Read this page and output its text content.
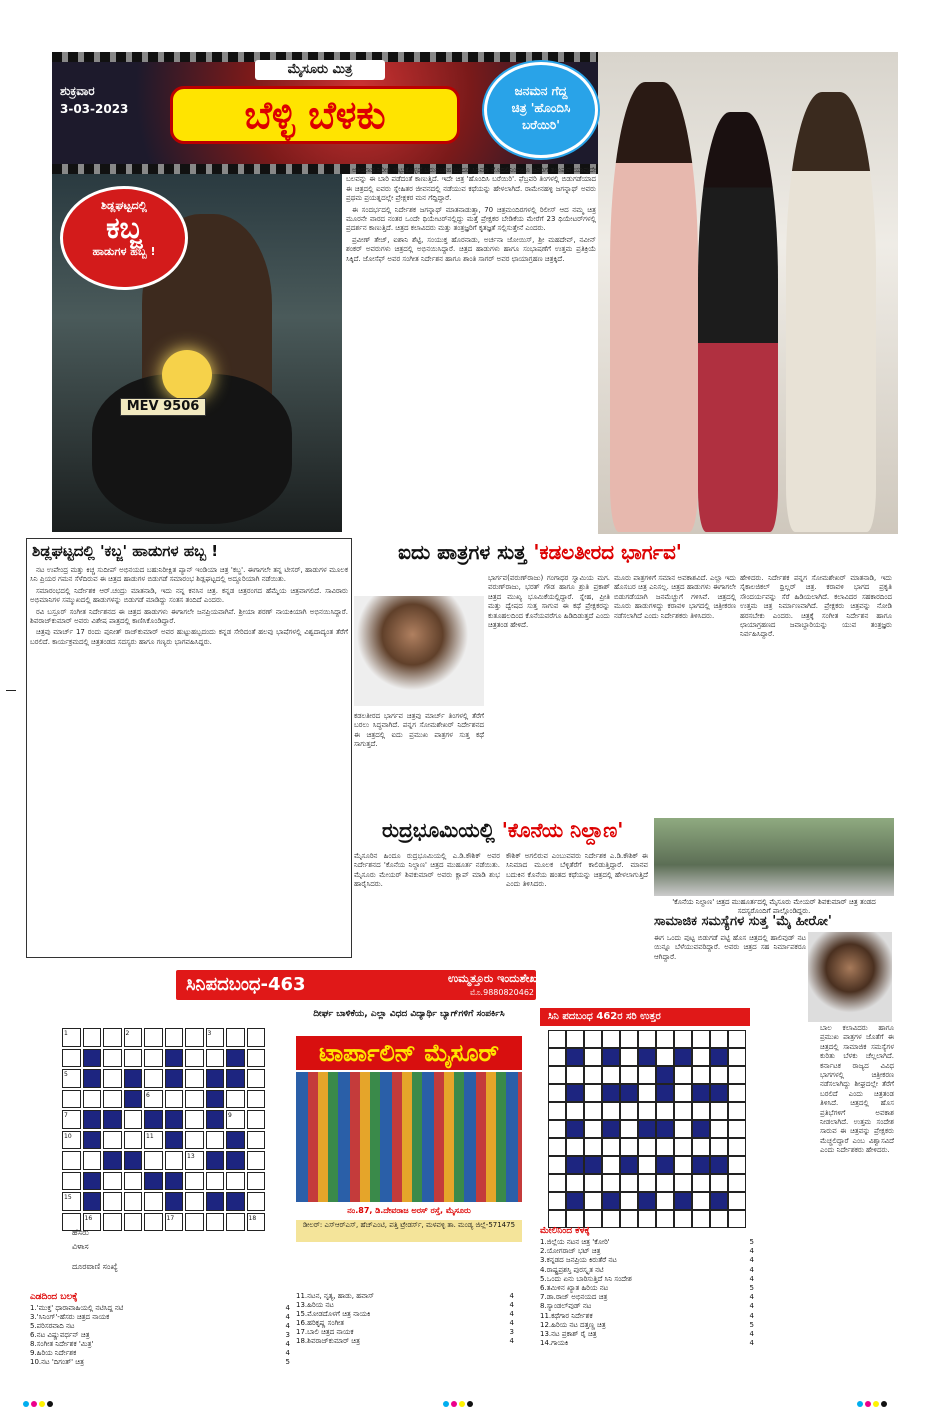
ಮೈಸೂರು ಮಿತ್ರ
ಬೆಳ್ಳಿ ಬೆಳಕು
ಶುಕ್ರವಾರ
3-03-2023
ಜನಮನ ಗೆದ್ದ
ಚಿತ್ರ 'ಹೊಂದಿಸಿ
ಬರೆಯಿರಿ'
ಶಿಡ್ಲಘಟ್ಟದಲ್ಲಿ
ಕಬ್ಜ
ಹಾಡುಗಳ ಹಬ್ಬ !
MEV 9506

ಅತಿಯಾದ ನಿರೀಕ್ಷೆ ಇಟ್ಟುಕೊಳ್ಳದೆ ಬರುವಂತಹ ಬಂದರೆ ಸಿನಿಮಾ ಮೊದಲಿನಿಂದಲೂ ಜನರಿಗೆ ತಲುಪುವ ಯಾವುದೇ ಬಲವನ್ನು ಈ ಬಾರಿ ಪಡೆದಂತೆ ಕಾಣುತ್ತಿದೆ. ಇದೇ ಚಿತ್ರ 'ಹೊಂದಿಸಿ ಬರೆಯಿರಿ'. ಫೆಬ್ರವರಿ ತಿಂಗಳಲ್ಲಿ ಬಿಡುಗಡೆಯಾದ ಈ ಚಿತ್ರದಲ್ಲಿ ಐವರು ಸ್ನೇಹಿತರ ಜೀವನದಲ್ಲಿ ನಡೆಯುವ ಕಥೆಯನ್ನು ಹೇಳಲಾಗಿದೆ. ರಾಮೇನಹಳ್ಳಿ ಜಗನ್ನಾಥ್ ಅವರು ಪ್ರಥಮ ಪ್ರಯತ್ನದಲ್ಲೇ ಪ್ರೇಕ್ಷಕರ ಮನ ಗೆದ್ದಿದ್ದಾರೆ.

ಈ ಸಂದರ್ಭದಲ್ಲಿ ನಿರ್ದೇಶಕ ಜಗನ್ನಾಥ್ ಮಾತನಾಡುತ್ತಾ, 70 ಚಿತ್ರಮಂದಿರಗಳಲ್ಲಿ ರಿಲೀಸ್ ಆದ ನಮ್ಮ ಚಿತ್ರ ಮೂರನೇ ವಾರದ ನಂತರ ಒಂದೇ ಥಿಯೇಟರ್‌ನಲ್ಲಿದ್ದು ಮತ್ತೆ ಪ್ರೇಕ್ಷಕರ ಬೇಡಿಕೆಯ ಮೇರೆಗೆ 23 ಥಿಯೇಟರ್‌ಗಳಲ್ಲಿ ಪ್ರದರ್ಶನ ಕಾಣುತ್ತಿದೆ. ಚಿತ್ರದ ಕಲಾವಿದರು ಮತ್ತು ತಂತ್ರಜ್ಞರಿಗೆ ಕೃತಜ್ಞತೆ ಸಲ್ಲಿಸುತ್ತೇನೆ ಎಂದರು.

ಪ್ರವೀಣ್ ತೇಜ್, ಐಶಾನಿ ಶೆಟ್ಟಿ, ಸಂಯುಕ್ತ ಹೊರನಾಡು, ಅರ್ಚನಾ ಜೋಯಿಸ್, ಶ್ರೀ ಮಹದೇವ್, ನವೀನ್ ಶಂಕರ್ ಅವರುಗಳು ಚಿತ್ರದಲ್ಲಿ ಅಭಿನಯಿಸಿದ್ದಾರೆ. ಚಿತ್ರದ ಹಾಡುಗಳು ಹಾಗೂ ಸಂಭಾಷಣೆಗೆ ಉತ್ತಮ ಪ್ರತಿಕ್ರಿಯೆ ಸಿಕ್ಕಿದೆ. ಜೋಸೆಫ್ ಅವರ ಸಂಗೀತ ನಿರ್ದೇಶನ ಹಾಗೂ ಶಾಂತಿ ಸಾಗರ್ ಅವರ ಛಾಯಾಗ್ರಹಣ ಚಿತ್ರಕ್ಕಿದೆ.

ಶಿಡ್ಲಘಟ್ಟದಲ್ಲಿ 'ಕಬ್ಜ' ಹಾಡುಗಳ ಹಬ್ಬ !

ನಟ ಉಪೇಂದ್ರ ಮತ್ತು ಕಿಚ್ಚ ಸುದೀಪ್ ಅಭಿನಯದ ಬಹುನಿರೀಕ್ಷಿತ ಪ್ಯಾನ್ ಇಂಡಿಯಾ ಚಿತ್ರ 'ಕಬ್ಜ'. ಈಗಾಗಲೇ ತನ್ನ ಟೀಸರ್, ಹಾಡುಗಳ ಮೂಲಕ ಸಿನಿ ಪ್ರಿಯರ ಗಮನ ಸೆಳೆದಿರುವ ಈ ಚಿತ್ರದ ಹಾಡುಗಳ ಬಿಡುಗಡೆ ಸಮಾರಂಭ ಶಿಡ್ಲಘಟ್ಟದಲ್ಲಿ ಅದ್ದೂರಿಯಾಗಿ ನಡೆಯಿತು.

ಸಮಾರಂಭದಲ್ಲಿ ನಿರ್ದೇಶಕ ಆರ್.ಚಂದ್ರು ಮಾತನಾಡಿ, ಇದು ನನ್ನ ಕನಸಿನ ಚಿತ್ರ. ಕನ್ನಡ ಚಿತ್ರರಂಗದ ಹೆಮ್ಮೆಯ ಚಿತ್ರವಾಗಲಿದೆ. ಸಾವಿರಾರು ಅಭಿಮಾನಿಗಳ ಸಮ್ಮುಖದಲ್ಲಿ ಹಾಡುಗಳನ್ನು ಬಿಡುಗಡೆ ಮಾಡಿದ್ದು ಸಂತಸ ತಂದಿದೆ ಎಂದರು.

ರವಿ ಬಸ್ರೂರ್ ಸಂಗೀತ ನಿರ್ದೇಶನದ ಈ ಚಿತ್ರದ ಹಾಡುಗಳು ಈಗಾಗಲೇ ಜನಪ್ರಿಯವಾಗಿವೆ. ಶ್ರೀಯಾ ಶರಣ್ ನಾಯಕಿಯಾಗಿ ಅಭಿನಯಿಸಿದ್ದಾರೆ. ಶಿವರಾಜ್‌ಕುಮಾರ್ ಅವರು ವಿಶೇಷ ಪಾತ್ರದಲ್ಲಿ ಕಾಣಿಸಿಕೊಂಡಿದ್ದಾರೆ.

ಚಿತ್ರವು ಮಾರ್ಚ್ 17 ರಂದು ಪುನೀತ್ ರಾಜ್‌ಕುಮಾರ್ ಅವರ ಹುಟ್ಟುಹಬ್ಬದಂದು ಕನ್ನಡ ಸೇರಿದಂತೆ ಹಲವು ಭಾಷೆಗಳಲ್ಲಿ ವಿಶ್ವದಾದ್ಯಂತ ತೆರೆಗೆ ಬರಲಿದೆ. ಕಾರ್ಯಕ್ರಮದಲ್ಲಿ ಚಿತ್ರತಂಡದ ಸದಸ್ಯರು ಹಾಗೂ ಗಣ್ಯರು ಭಾಗವಹಿಸಿದ್ದರು.

ಐದು ಪಾತ್ರಗಳ ಸುತ್ತ 'ಕಡಲತೀರದ ಭಾರ್ಗವ'
ಕಡಲತೀರದ ಭಾರ್ಗವ ಚಿತ್ರವು ಮಾರ್ಚ್ ತಿಂಗಳಲ್ಲಿ ತೆರೆಗೆ ಬರಲು ಸಿದ್ಧವಾಗಿದೆ. ಪನ್ನಗ ಸೋಮಶೇಖರ್ ನಿರ್ದೇಶನದ ಈ ಚಿತ್ರದಲ್ಲಿ ಐದು ಪ್ರಮುಖ ಪಾತ್ರಗಳ ಸುತ್ತ ಕಥೆ ಸಾಗುತ್ತದೆ.
ಭಾರ್ಗವ(ವರುಣ್‌ರಾಜು) ಗಂಗಾಧರ ಸ್ವಾಮಿಯ ಮಗ. ವರುಣ್‌ರಾಜು, ಭರತ್ ಗೌಡ ಹಾಗೂ ಶ್ರುತಿ ಪ್ರಕಾಶ್ ಚಿತ್ರದ ಮುಖ್ಯ ಭೂಮಿಕೆಯಲ್ಲಿದ್ದಾರೆ. ಸ್ನೇಹ, ಪ್ರೀತಿ ಮತ್ತು ದ್ವೇಷದ ಸುತ್ತ ಸಾಗುವ ಈ ಕಥೆ ಪ್ರೇಕ್ಷಕರನ್ನು ಕುತೂಹಲದಿಂದ ಕೊನೆಯವರೆಗೂ ಹಿಡಿದಿಡುತ್ತದೆ ಎಂದು ಚಿತ್ರತಂಡ ಹೇಳಿದೆ.
ಮೂರು ಪಾತ್ರಗಳಿಗೆ ಸಮಾನ ಅವಕಾಶವಿದೆ. ಎಲ್ಲಾ ಇದು ಹೊಸಬರ ಚಿತ್ರ ಎನಿಸಲ್ಲ. ಚಿತ್ರದ ಹಾಡುಗಳು ಈಗಾಗಲೇ ಬಿಡುಗಡೆಯಾಗಿ ಜನಮೆಚ್ಚುಗೆ ಗಳಿಸಿವೆ. ಚಿತ್ರದಲ್ಲಿ ಮೂರು ಹಾಡುಗಳಿದ್ದು ಕರಾವಳಿ ಭಾಗದಲ್ಲಿ ಚಿತ್ರೀಕರಣ ನಡೆಸಲಾಗಿದೆ ಎಂದು ನಿರ್ದೇಶಕರು ತಿಳಿಸಿದರು.
ಹೇಳಿದರು. ನಿರ್ದೇಶಕ ಪನ್ನಗ ಸೋಮಶೇಖರ್ ಮಾತನಾಡಿ, ಇದು ಸೈಕಾಲಜಿಕಲ್ ಥ್ರಿಲ್ಲರ್ ಚಿತ್ರ. ಕರಾವಳಿ ಭಾಗದ ಪ್ರಕೃತಿ ಸೌಂದರ್ಯವನ್ನು ಸೆರೆ ಹಿಡಿಯಲಾಗಿದೆ. ಕಲಾವಿದರ ಸಹಕಾರದಿಂದ ಉತ್ತಮ ಚಿತ್ರ ನಿರ್ಮಾಣವಾಗಿದೆ. ಪ್ರೇಕ್ಷಕರು ಚಿತ್ರವನ್ನು ನೋಡಿ ಹರಸಬೇಕು ಎಂದರು. ಚಿತ್ರಕ್ಕೆ ಸಂಗೀತ ನಿರ್ದೇಶನ ಹಾಗೂ ಛಾಯಾಗ್ರಹಣದ ಜವಾಬ್ದಾರಿಯನ್ನು ಯುವ ತಂತ್ರಜ್ಞರು ನಿರ್ವಹಿಸಿದ್ದಾರೆ.
ರುದ್ರಭೂಮಿಯಲ್ಲಿ 'ಕೊನೆಯ ನಿಲ್ದಾಣ'
ಮೈಸೂರಿನ ಹಿಂದೂ ರುದ್ರಭೂಮಿಯಲ್ಲಿ ಎ.ಡಿ.ಕೌಶಿಕ್ ಅವರ ನಿರ್ದೇಶನದ 'ಕೊನೆಯ ನಿಲ್ದಾಣ' ಚಿತ್ರದ ಮುಹೂರ್ತ ನಡೆಯಿತು. ಮೈಸೂರು ಮೇಯರ್ ಶಿವಕುಮಾರ್ ಅವರು ಕ್ಲಾಪ್ ಮಾಡಿ ಶುಭ ಹಾರೈಸಿದರು.
ಕೌಶಿಕ್ ಅಗಲಿರುವ ಎಂಬುವವರು ನಿರ್ದೇಶಕ ಎ.ಡಿ.ಕೌಶಿಕ್ ಈ ಸಿನಿಮಾದ ಮೂಲಕ ಬೆಳ್ಳಿತೆರೆಗೆ ಕಾಲಿಡುತ್ತಿದ್ದಾರೆ. ಮಾನವ ಬದುಕಿನ ಕೊನೆಯ ಹಂತದ ಕಥೆಯನ್ನು ಚಿತ್ರದಲ್ಲಿ ಹೇಳಲಾಗುತ್ತಿದೆ ಎಂದು ತಿಳಿಸಿದರು.
'ಕೊನೆಯ ನಿಲ್ದಾಣ' ಚಿತ್ರದ ಮುಹೂರ್ತದಲ್ಲಿ ಮೈಸೂರು ಮೇಯರ್ ಶಿವಕುಮಾರ್ ಚಿತ್ರ ತಂಡದ ಸದಸ್ಯರೊಂದಿಗೆ ಪಾಲ್ಗೊಂಡಿದ್ದರು.
ಸಾಮಾಜಿಕ ಸಮಸ್ಯೆಗಳ ಸುತ್ತ 'ಮೈ ಹೀರೋ'
ಈಗ ಒಂದು ಪುಟ್ಟ ಬಿಡುಗಡೆ ಪಟ್ಟಿ ಹೊಸ ಚಿತ್ರದಲ್ಲಿ ಹಾಲಿವುಡ್ ನಟ ಯಿನ್ನೂ ಬೆಳೆಯುವವರಿದ್ದಾರೆ. ಅವರು ಚಿತ್ರದ ಸಹ ನಿರ್ಮಾಪಕರೂ ಆಗಿದ್ದಾರೆ.
ಬಾಲ ಕಲಾವಿದರು ಹಾಗೂ ಪ್ರಮುಖ ಪಾತ್ರಗಳ ಜೊತೆಗೆ ಈ ಚಿತ್ರದಲ್ಲಿ ಸಾಮಾಜಿಕ ಸಮಸ್ಯೆಗಳ ಕುರಿತು ಬೆಳಕು ಚೆಲ್ಲಲಾಗಿದೆ. ಕರ್ನಾಟಕ ರಾಜ್ಯದ ವಿವಿಧ ಭಾಗಗಳಲ್ಲಿ ಚಿತ್ರೀಕರಣ ನಡೆಸಲಾಗಿದ್ದು ಶೀಘ್ರದಲ್ಲೇ ತೆರೆಗೆ ಬರಲಿದೆ ಎಂದು ಚಿತ್ರತಂಡ ತಿಳಿಸಿದೆ. ಚಿತ್ರದಲ್ಲಿ ಹೊಸ ಪ್ರತಿಭೆಗಳಿಗೆ ಅವಕಾಶ ನೀಡಲಾಗಿದೆ. ಉತ್ತಮ ಸಂದೇಶ ಸಾರುವ ಈ ಚಿತ್ರವನ್ನು ಪ್ರೇಕ್ಷಕರು ಮೆಚ್ಚಲಿದ್ದಾರೆ ಎಂಬ ವಿಶ್ವಾಸವಿದೆ ಎಂದು ನಿರ್ದೇಶಕರು ಹೇಳಿದರು.
ಸಿನಿಪದಬಂಧ-463	ಉಮ್ಮತ್ತೂರು ಇಂದುಶೇಖರ್
ಮೊ.9880820462
1	2	3
5
6
7	9
10	11
13
15
16	17	18
ಹೆಸರು
ವಿಳಾಸ
ದೂರವಾಣಿ ಸಂಖ್ಯೆ
ದೀರ್ಘ ಬಾಳಿಕೆಯ, ಎಲ್ಲಾ ವಿಧದ ವಿದ್ಯಾರ್ಥಿ ಬ್ಯಾಗ್‌ಗಳಿಗೆ ಸಂಪರ್ಕಿಸಿ
ಟಾರ್ಪಾಲಿನ್ ಮೈಸೂರ್
ನಂ.87, ಡಿ.ದೇವರಾಜ ಅರಸ್ ರಸ್ತೆ, ಮೈಸೂರು
ಡೀಲರ್: ಎಸ್‌ಆರ್‌ಎಸ್, ಹೆಚ್‌ಎಂಟಿ, ಪತ್ತಿ ಟ್ರೇಡರ್ಸ್, ಮಳವಳ್ಳಿ ತಾ. ಮಂಡ್ಯ ಜಿಲ್ಲೆ-571475
ಸಿನಿ ಪದಬಂಧ 462ರ ಸರಿ ಉತ್ತರ
ಎಡದಿಂದ ಬಲಕ್ಕೆ
1.'ಮುಕ್ತ' ಧಾರಾವಾಹಿಯಲ್ಲಿ ನಟಿಸಿದ್ದ ನಟಿ	4
3.'ಸಿನಿಂಗ್'-ಹೆಸರು ಚಿತ್ರದ ನಾಯಕ	4
5.ಪರಿಸರವಾದಿ ನಟ	4
6.ನಟ ವಿಷ್ಣುವರ್ಧನ್ ಚಿತ್ರ	3
8.ಸಂಗೀತ ನಿರ್ದೇಶಕ 'ಮಿತ್ರ'	4
9.ಹಿರಿಯ ನಿರ್ದೇಶಕ	4
10.ನಟ 'ದಿಗಂತ್' ಚಿತ್ರ	5
11.ನಟನ, ನೃತ್ಯ, ಹಾಡು, ಹವಾಸ್	4
13.ಹಿರಿಯ ನಟ	4
15.ಮೋಡದೊಳಗೆ ಚಿತ್ರ ನಾಯಕಿ	4
16.ಹರಿಕೃಷ್ಣ ಸಂಗೀತ	4
17.ಬಾಲಿ ಚಿತ್ರದ ನಾಯಕ	3
18.ಶಿವರಾಜ್‌ಕುಮಾರ್ ಚಿತ್ರ	4
ಮೇಲಿನಿಂದ ಕೆಳಕ್ಕೆ
1.ಜಿಲ್ಲೆಯ ನಟನ ಚಿತ್ರ 'ಕೋರಿ'	5
2.ಯೋಗರಾಜ್ ಭಟ್ ಚಿತ್ರ	4
3.ಕನ್ನಡದ ಜನಪ್ರಿಯ ಕಿರುತೆರೆ ನಟ	4
4.ರಾಷ್ಟ್ರಪ್ರಶಸ್ತಿ ಪುರಸ್ಕೃತ ನಟಿ	4
5.ಒಂದು ಏನು ಬಾರಿಸುತ್ತಿದೆ ಸಿನಿ ಸಂದೇಶ	4
6.ತಮಿಳಿನ ಖ್ಯಾತ ಹಿರಿಯ ನಟ	5
7.ಡಾ.ರಾಜ್ ಅಭಿನಯದ ಚಿತ್ರ	4
8.ಸ್ಯಾಂಡಲ್‌ವುಡ್ ನಟ	4
11.ಕಥೆಗಾರ ನಿರ್ದೇಶಕ	4
12.ಹಿರಿಯ ನಟ ದತ್ತಣ್ಣ ಚಿತ್ರ	5
13.ನಟ ಪ್ರಕಾಶ್ ರೈ ಚಿತ್ರ	4
14.ಗಾಯಕಿ	4
